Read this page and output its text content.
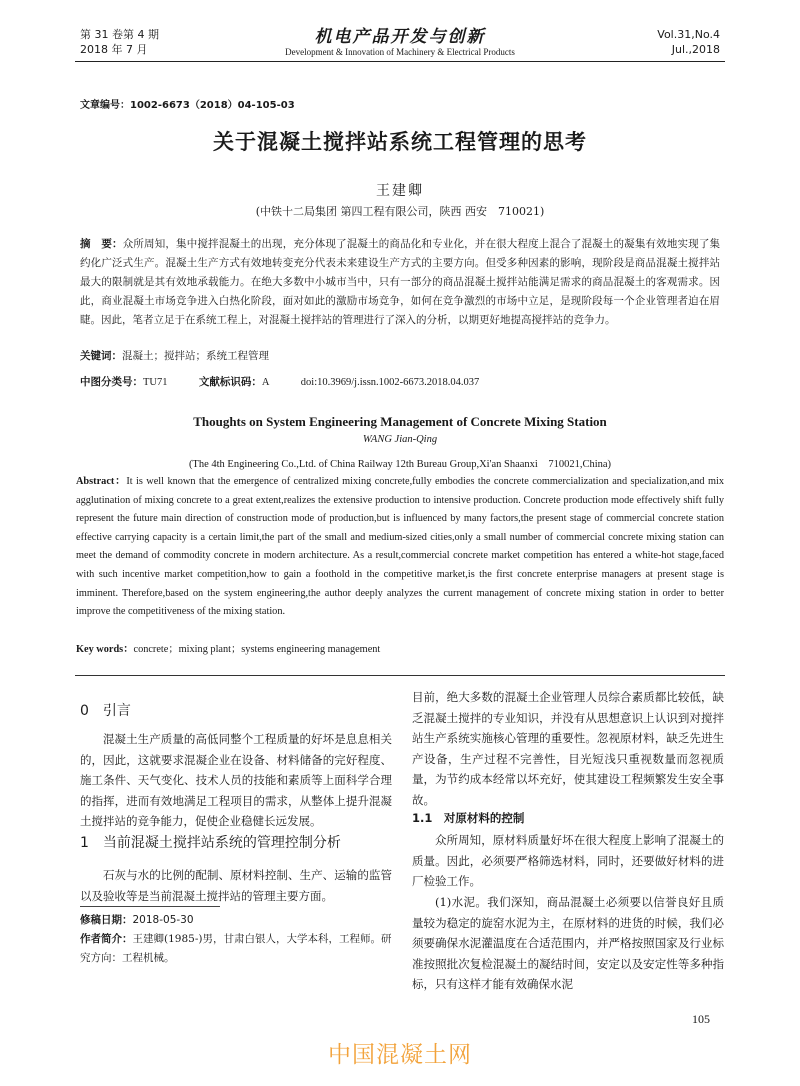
第 31 卷第 4 期
2018 年 7 月
机电产品开发与创新
Development & Innovation of Machinery & Electrical Products
Vol.31,No.4
Jul.,2018
文章编号：1002-6673（2018）04-105-03
关于混凝土搅拌站系统工程管理的思考
王建卿
(中铁十二局集团 第四工程有限公司，陕西 西安　710021)
摘　要：众所周知，集中搅拌混凝土的出现，充分体现了混凝土的商品化和专业化，并在很大程度上混合了混凝土的凝集有效地实现了集约化广泛式生产。混凝土生产方式有效地转变充分代表未来建设生产方式的主要方向。但受多种因素的影响，现阶段是商品混凝土搅拌站最大的限制就是其有效地承载能力。在绝大多数中小城市当中，只有一部分的商品混凝土搅拌站能满足需求的商品混凝土的客观需求。因此，商业混凝土市场竞争进入白热化阶段，面对如此的激励市场竞争，如何在竞争激烈的市场中立足，是现阶段每一个企业管理者迫在眉睫。因此，笔者立足于在系统工程上，对混凝土搅拌站的管理进行了深入的分析，以期更好地提高搅拌站的竞争力。
关键词：混凝土；搅拌站；系统工程管理
中图分类号：TU71	文献标识码：A	doi:10.3969/j.issn.1002-6673.2018.04.037
Thoughts on System Engineering Management of Concrete Mixing Station
WANG Jian-Qing
(The 4th Engineering Co.,Ltd. of China Railway 12th Bureau Group,Xi'an Shaanxi　710021,China)
Abstract：It is well known that the emergence of centralized mixing concrete,fully embodies the concrete commercialization and specialization,and mix agglutination of mixing concrete to a great extent,realizes the extensive production to intensive production. Concrete production mode effectively shift fully represent the future main direction of construction mode of production,but is influenced by many factors,the present stage of commercial concrete station effective carrying capacity is a certain limit,the part of the small and medium-sized cities,only a small number of commercial concrete mixing station can meet the demand of commodity concrete in modern architecture. As a result,commercial concrete market competition has entered a white-hot stage,faced with such incentive market competition,how to gain a foothold in the competitive market,is the first concrete enterprise managers at present stage is imminent. Therefore,based on the system engineering,the author deeply analyzes the current management of concrete mixing station in order to better improve the competitiveness of the mixing station.
Key words：concrete；mixing plant；systems engineering management
0　引言
混凝土生产质量的高低同整个工程质量的好坏是息息相关的，因此，这就要求混凝企业在设备、材料储备的完好程度、施工条件、天气变化、技术人员的技能和素质等上面科学合理的指挥，进而有效地满足工程项目的需求，从整体上提升混凝土搅拌站的竞争能力，促使企业稳健长远发展。
1　当前混凝土搅拌站系统的管理控制分析
石灰与水的比例的配制、原材料控制、生产、运输的监管以及验收等是当前混凝土搅拌站的管理主要方面。
修稿日期：2018-05-30
作者简介：王建卿(1985-)男，甘肃白银人，大学本科，工程师。研究方向：工程机械。
目前，绝大多数的混凝土企业管理人员综合素质都比较低，缺乏混凝土搅拌的专业知识，并没有从思想意识上认识到对搅拌站生产系统实施核心管理的重要性。忽视原材料，缺乏先进生产设备，生产过程不完善性，目光短浅只重视数量而忽视质量，为节约成本经常以坏充好，使其建设工程频繁发生安全事故。
1.1　对原材料的控制
众所周知，原材料质量好坏在很大程度上影响了混凝土的质量。因此，必须要严格筛选材料，同时，还要做好材料的进厂检验工作。
(1)水泥。我们深知，商品混凝土必须要以信誉良好且质量较为稳定的旋窑水泥为主，在原材料的进货的时候，我们必须要确保水泥灌温度在合适范围内，并严格按照国家及行业标准按照批次复检混凝土的凝结时间，安定以及安定性等多种指标，只有这样才能有效确保水泥
105
中国混凝土网
